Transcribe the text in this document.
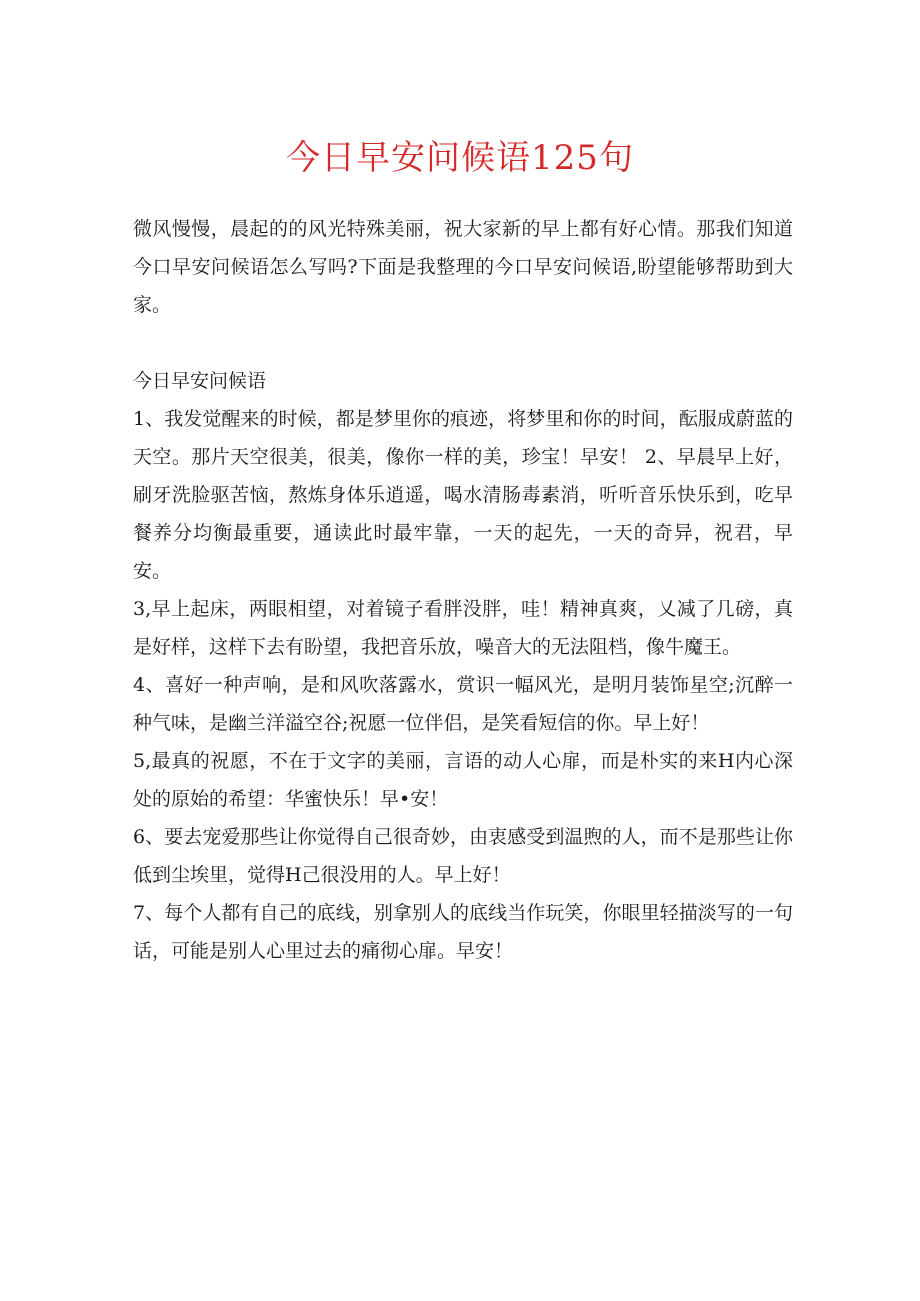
今日早安问候语125句

微风慢慢，晨起的的风光特殊美丽，祝大家新的早上都有好心情。那我们知道今口早安问候语怎么写吗?下面是我整理的今口早安问候语,盼望能够帮助到大家。

今日早安问候语

1、我发觉醒来的时候，都是梦里你的痕迹，将梦里和你的时间，酝服成蔚蓝的天空。那片天空很美，很美，像你一样的美，珍宝！早安！ 2、早晨早上好，刷牙洗脸驱苦恼，熬炼身体乐逍遥，喝水清肠毒素消，听听音乐快乐到，吃早餐养分均衡最重要，通读此时最牢靠，一天的起先，一天的奇异，祝君，早安。

3,早上起床，两眼相望，对着镜子看胖没胖，哇！精神真爽，乂减了几磅，真是好样，这样下去有盼望，我把音乐放，噪音大的无法阻档，像牛魔王。

4、喜好一种声响，是和风吹落露水，赏识一幅风光，是明月装饰星空;沉醉一种气味，是幽兰洋溢空谷;祝愿一位伴侣，是笑看短信的你。早上好！

5,最真的祝愿，不在于文字的美丽，言语的动人心扉，而是朴实的来H内心深处的原始的希望：华蜜快乐！早•安！

6、要去宠爱那些让你觉得自己很奇妙，由衷感受到温煦的人，而不是那些让你低到尘埃里，觉得H己很没用的人。早上好！

7、每个人都有自己的底线，别拿别人的底线当作玩笑，你眼里轻描淡写的一句话，可能是别人心里过去的痛彻心扉。早安！
